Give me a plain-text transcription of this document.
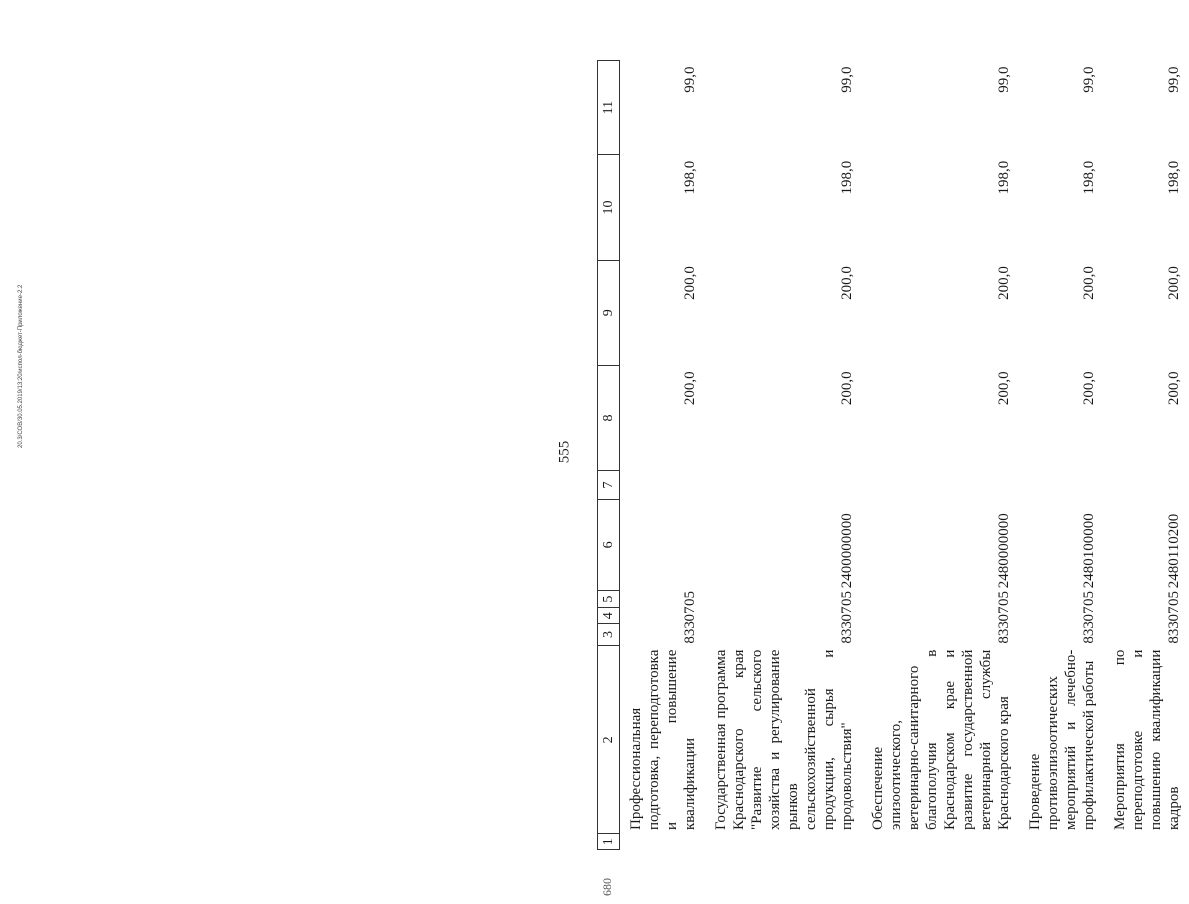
555
1	2	3	4	5	6	7	8	9	10	11
	Профессиональная подготовка, переподготовка и повышение квалификации	833	07	05			200,0	200,0	198,0	99,0
	Государственная программа Краснодарского края "Развитие сельского хозяйства и регулирование рынков сельскохозяйственной продукции, сырья и продовольствия"	833	07	05	2400000000		200,0	200,0	198,0	99,0
	Обеспечение эпизоотического, ветеринарно-санитарного благополучия в Краснодарском крае и развитие государственной ветеринарной службы Краснодарского края	833	07	05	2480000000		200,0	200,0	198,0	99,0
	Проведение противоэпизоотических мероприятий и лечебно-профилактической работы	833	07	05	2480100000		200,0	200,0	198,0	99,0
	Мероприятия по переподготовке и повышению квалификации кадров	833	07	05	2480110200		200,0	200,0	198,0	99,0
20.3/СОВ/30.05.2019/13:20/испол-бюджет-Приложение-2.2
680
